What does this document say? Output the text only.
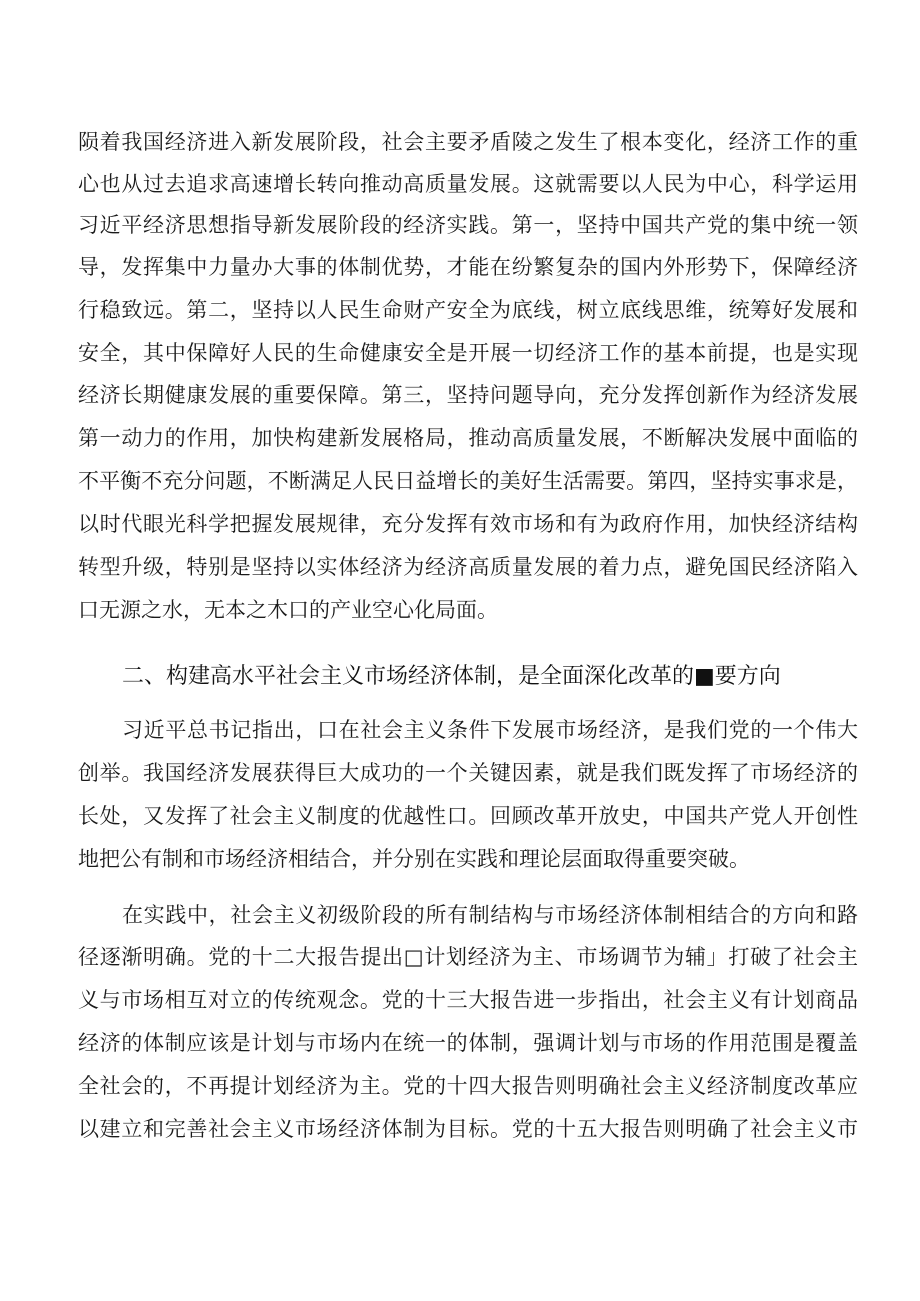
陨着我国经济进入新发展阶段，社会主要矛盾陵之发生了根本变化，经济工作的重
心也从过去追求高速增长转向推动高质量发展。这就需要以人民为中心，科学运用
习近平经济思想指导新发展阶段的经济实践。第一，坚持中国共产党的集中统一领
导，发挥集中力量办大事的体制优势，才能在纷繁复杂的国内外形势下，保障经济
行稳致远。第二，坚持以人民生命财产安全为底线，树立底线思维，统筹好发展和
安全，其中保障好人民的生命健康安全是开展一切经济工作的基本前提，也是实现
经济长期健康发展的重要保障。第三，坚持问题导向，充分发挥创新作为经济发展
第一动力的作用，加快构建新发展格局，推动高质量发展，不断解决发展中面临的
不平衡不充分问题，不断满足人民日益增长的美好生活需要。第四，坚持实事求是，
以时代眼光科学把握发展规律，充分发挥有效市场和有为政府作用，加快经济结构
转型升级，特别是坚持以实体经济为经济高质量发展的着力点，避免国民经济陷入
口无源之水，无本之木口的产业空心化局面。
二、构建高水平社会主义市场经济体制，是全面深化改革的■要方向
习近平总书记指出，口在社会主义条件下发展市场经济，是我们党的一个伟大
创举。我国经济发展获得巨大成功的一个关键因素，就是我们既发挥了市场经济的
长处，又发挥了社会主义制度的优越性口。回顾改革开放史，中国共产党人开创性
地把公有制和市场经济相结合，并分别在实践和理论层面取得重要突破。
在实践中，社会主义初级阶段的所有制结构与市场经济体制相结合的方向和路
径逐渐明确。党的十二大报告提出□计划经济为主、市场调节为辅」打破了社会主
义与市场相互对立的传统观念。党的十三大报告进一步指出，社会主义有计划商品
经济的体制应该是计划与市场内在统一的体制，强调计划与市场的作用范围是覆盖
全社会的，不再提计划经济为主。党的十四大报告则明确社会主义经济制度改革应
以建立和完善社会主义市场经济体制为目标。党的十五大报告则明确了社会主义市
